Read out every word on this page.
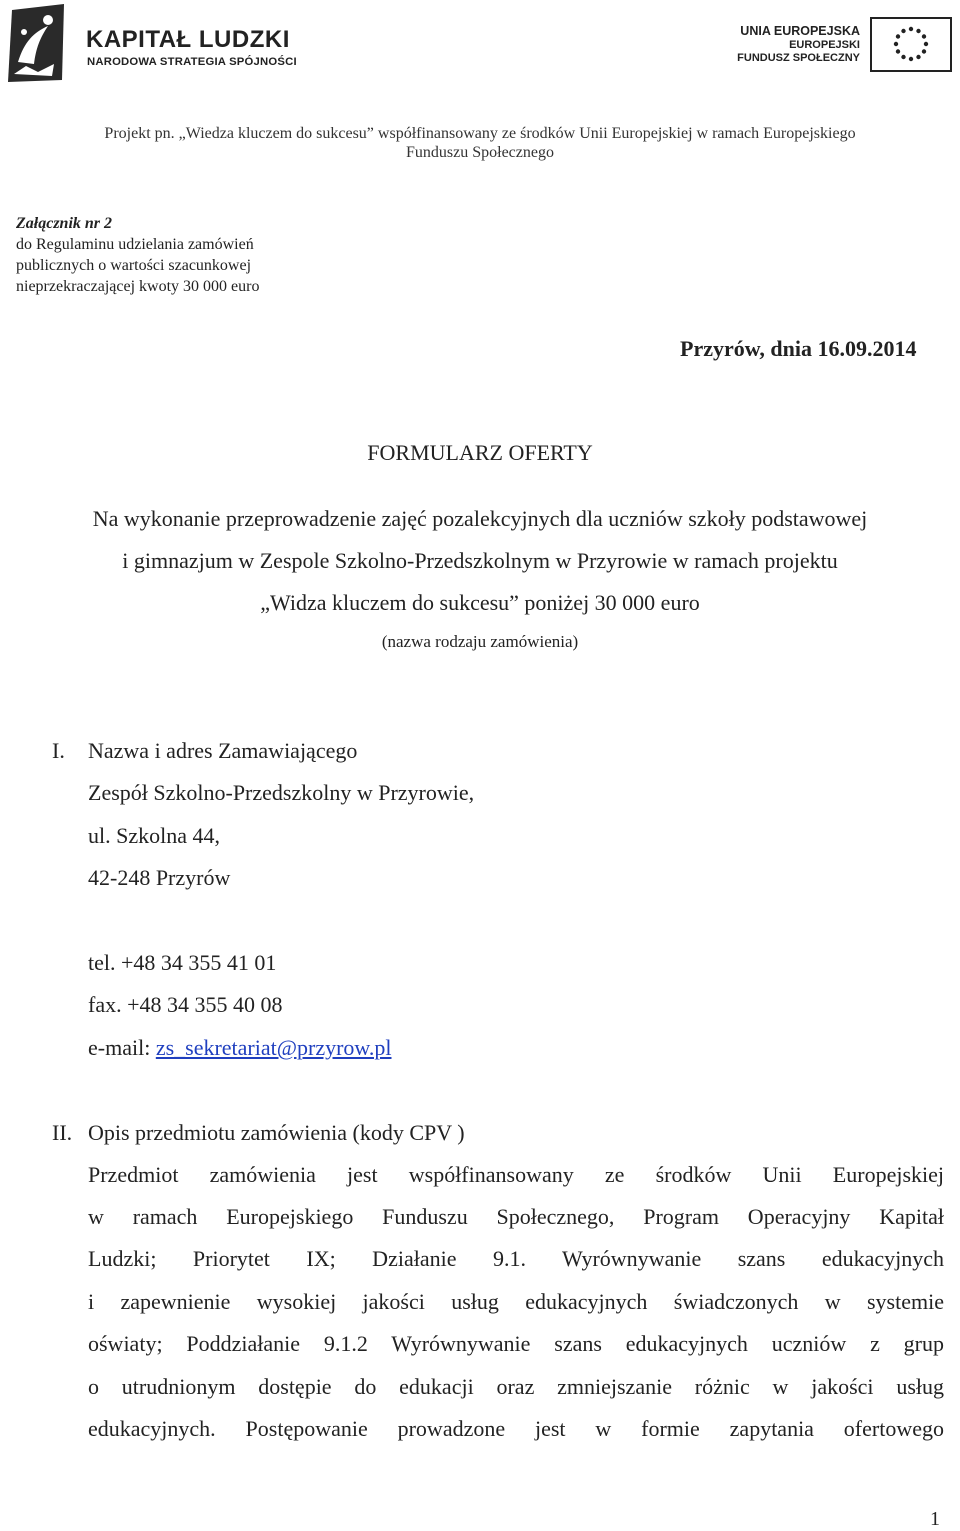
KAPITAŁ LUDZKI
NARODOWA STRATEGIA SPÓJNOŚCI
UNIA EUROPEJSKA
EUROPEJSKI
FUNDUSZ SPOŁECZNY
Projekt pn. „Wiedza kluczem do sukcesu” współfinansowany ze środków Unii Europejskiej w ramach Europejskiego
Funduszu Społecznego
Załącznik nr 2
do Regulaminu udzielania zamówień
publicznych o wartości szacunkowej
nieprzekraczającej kwoty 30 000 euro
Przyrów, dnia 16.09.2014
FORMULARZ OFERTY
Na wykonanie przeprowadzenie zajęć pozalekcyjnych dla uczniów szkoły podstawowej
i gimnazjum w Zespole Szkolno-Przedszkolnym w Przyrowie w ramach projektu
„Widza kluczem do sukcesu” poniżej 30 000 euro
(nazwa rodzaju zamówienia)
I. Nazwa i adres Zamawiającego
Zespół Szkolno-Przedszkolny w Przyrowie,
ul. Szkolna 44,
42-248 Przyrów
tel. +48 34 355 41 01
fax. +48 34 355 40 08
e-mail: zs_sekretariat@przyrow.pl
II. Opis przedmiotu zamówienia (kody CPV )
Przedmiot zamówienia jest współfinansowany ze środków Unii Europejskiej
w ramach Europejskiego Funduszu Społecznego, Program Operacyjny Kapitał
Ludzki; Priorytet IX; Działanie 9.1. Wyrównywanie szans edukacyjnych
i zapewnienie wysokiej jakości usług edukacyjnych świadczonych w systemie
oświaty; Poddziałanie 9.1.2 Wyrównywanie szans edukacyjnych uczniów z grup
o utrudnionym dostępie do edukacji oraz zmniejszanie różnic w jakości usług
edukacyjnych. Postępowanie prowadzone jest w formie zapytania ofertowego
1
